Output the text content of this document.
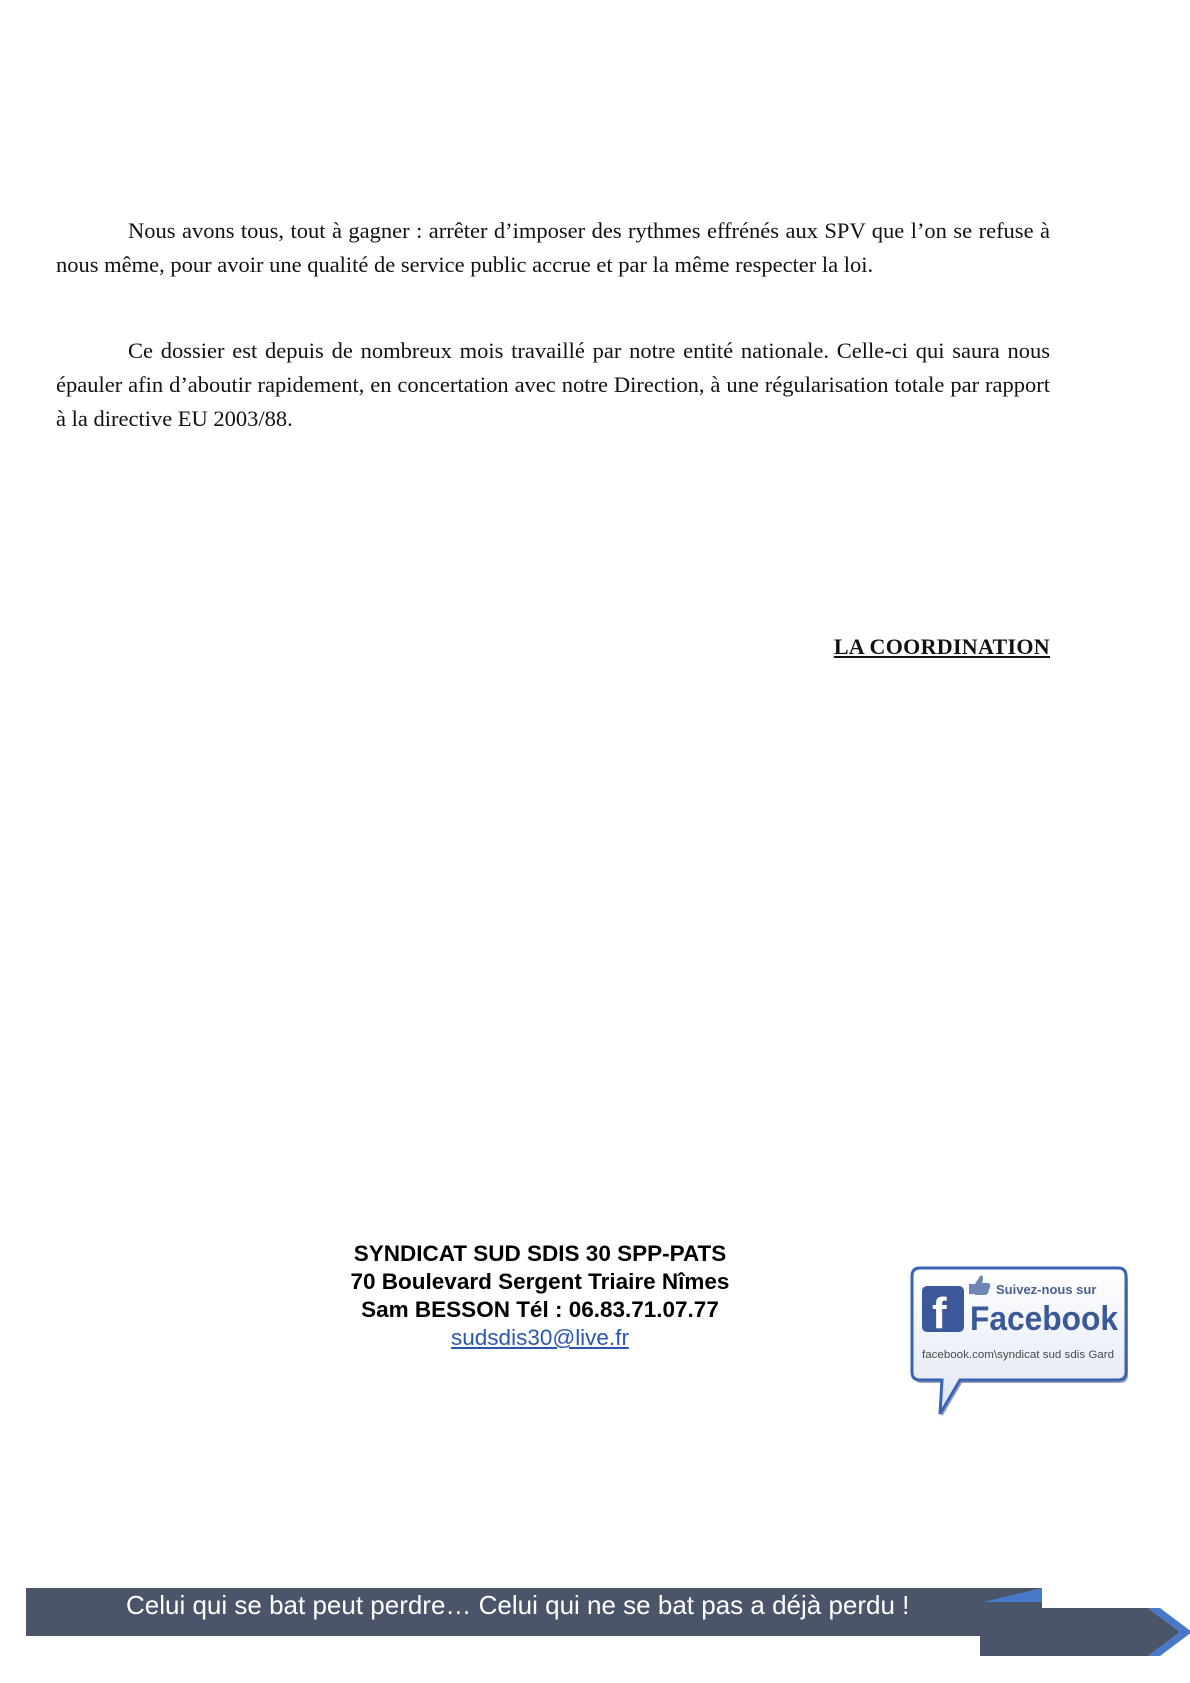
Nous avons tous, tout à gagner : arrêter d’imposer des rythmes effrénés aux SPV que l’on se refuse à nous même, pour avoir une qualité de service public accrue et par la même respecter la loi.

Ce dossier est depuis de nombreux mois travaillé par notre entité nationale. Celle-ci qui saura nous épauler afin d’aboutir rapidement, en concertation avec notre Direction, à une régularisation totale par rapport à la directive EU 2003/88.

LA COORDINATION
SYNDICAT SUD SDIS 30 SPP-PATS
70 Boulevard Sergent Triaire Nîmes
Sam BESSON Tél : 06.83.71.07.77
sudsdis30@live.fr	f	Suivez-nous sur
Facebook
facebook.com\syndicat sud sdis Gard
Celui qui se bat peut perdre… Celui qui ne se bat pas a déjà perdu !
